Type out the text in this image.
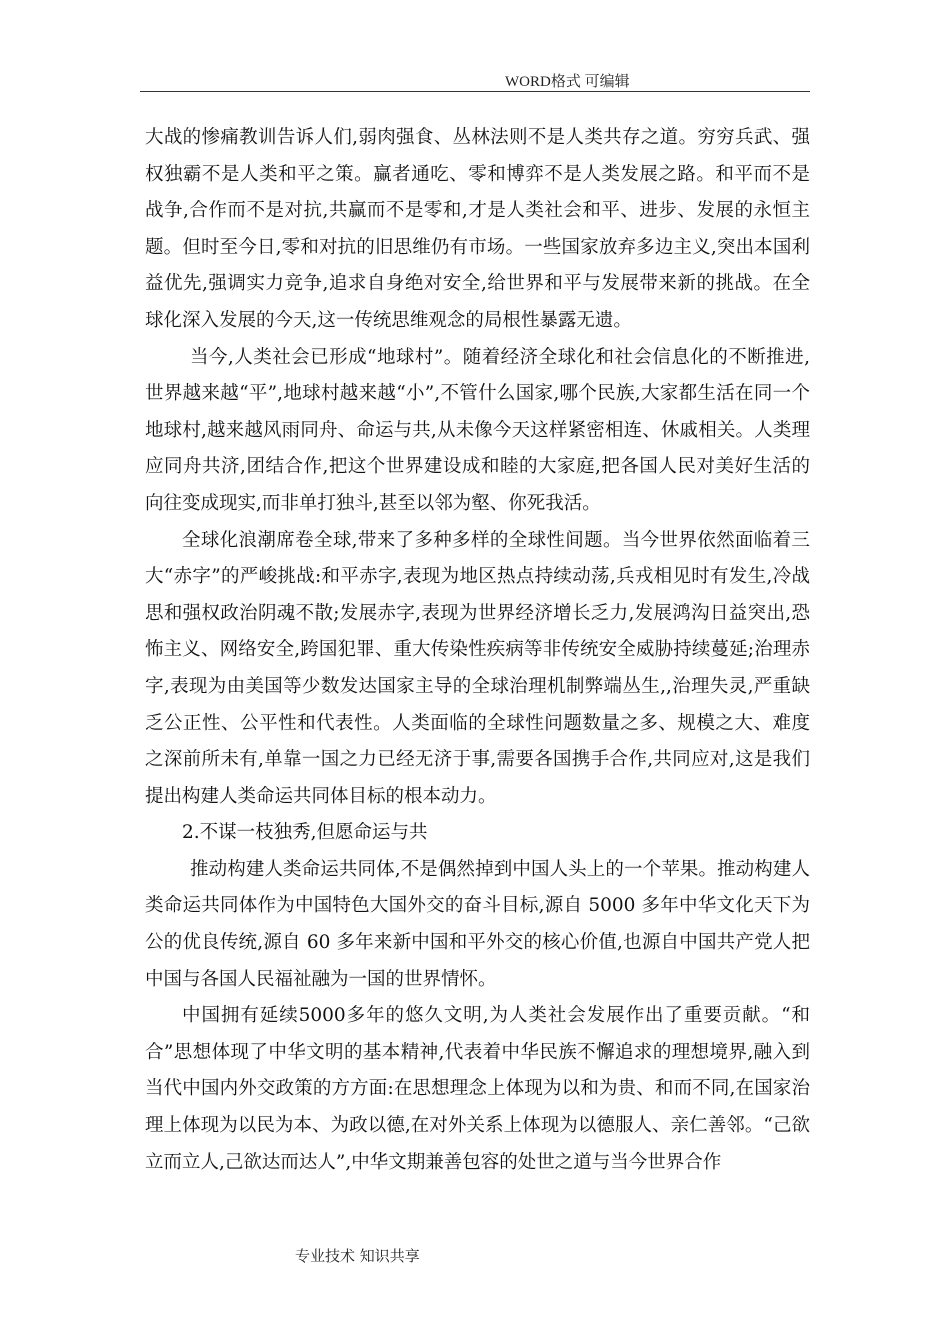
WORD格式 可编辑

大战的惨痛教训告诉人们,弱肉强食、丛林法则不是人类共存之道。穷穷兵武、强权独霸不是人类和平之策。赢者通吃、零和博弈不是人类发展之路。和平而不是战争,合作而不是对抗,共赢而不是零和,才是人类社会和平、进步、发展的永恒主题。但时至今日,零和对抗的旧思维仍有市场。一些国家放弃多边主义,突出本国利益优先,强调实力竞争,追求自身绝对安全,给世界和平与发展带来新的挑战。在全球化深入发展的今天,这一传统思维观念的局根性暴露无遗。

当今,人类社会已形成“地球村”。随着经济全球化和社会信息化的不断推进,世界越来越“平”,地球村越来越“小”,不管什么国家,哪个民族,大家都生活在同一个地球村,越来越风雨同舟、命运与共,从未像今天这样紧密相连、休戚相关。人类理应同舟共济,团结合作,把这个世界建设成和睦的大家庭,把各国人民对美好生活的向往变成现实,而非单打独斗,甚至以邻为壑、你死我活。

全球化浪潮席卷全球,带来了多种多样的全球性间题。当今世界依然面临着三大“赤字”的严峻挑战:和平赤字,表现为地区热点持续动荡,兵戎相见时有发生,冷战思和强权政治阴魂不散;发展赤字,表现为世界经济增长乏力,发展鸿沟日益突出,恐怖主义、网络安全,跨国犯罪、重大传染性疾病等非传统安全威胁持续蔓延;治理赤字,表现为由美国等少数发达国家主导的全球治理机制弊端丛生,,治理失灵,严重缺乏公正性、公平性和代表性。人类面临的全球性问题数量之多、规模之大、难度之深前所未有,单靠一国之力已经无济于事,需要各国携手合作,共同应对,这是我们提出构建人类命运共同体目标的根本动力。

2.不谋一枝独秀,但愿命运与共

推动构建人类命运共同体,不是偶然掉到中国人头上的一个苹果。推动构建人类命运共同体作为中国特色大国外交的奋斗目标,源自 5000 多年中华文化天下为公的优良传统,源自 60 多年来新中国和平外交的核心价值,也源自中国共产党人把中国与各国人民福祉融为一国的世界情怀。

中国拥有延续5000多年的悠久文明,为人类社会发展作出了重要贡献。“和合”思想体现了中华文明的基本精神,代表着中华民族不懈追求的理想境界,融入到当代中国内外交政策的方方面:在思想理念上体现为以和为贵、和而不同,在国家治理上体现为以民为本、为政以德,在对外关系上体现为以德服人、亲仁善邻。“己欲立而立人,己欲达而达人”,中华文期兼善包容的处世之道与当今世界合作

专业技术 知识共享
